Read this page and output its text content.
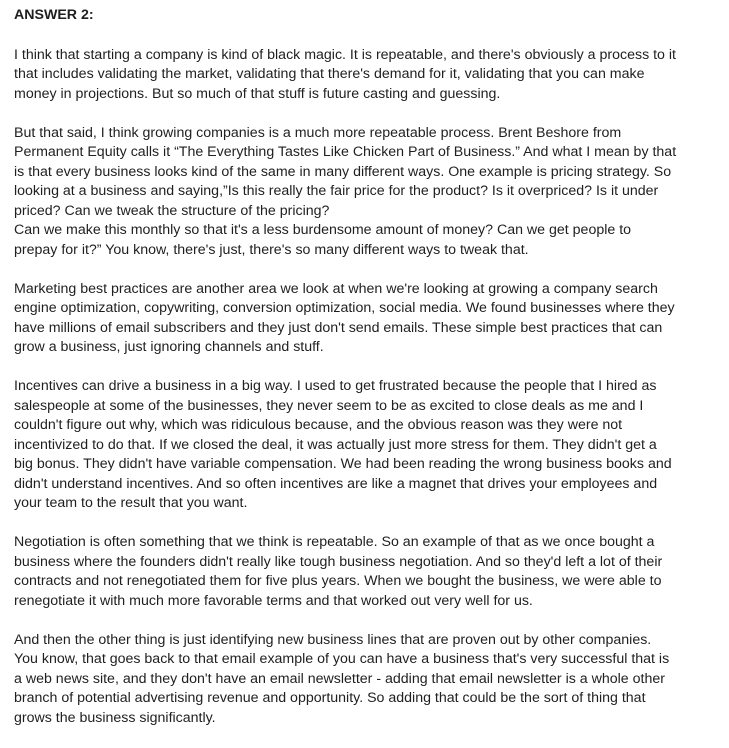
ANSWER 2:
I think that starting a company is kind of black magic. It is repeatable, and there's obviously a process to it
that includes validating the market, validating that there's demand for it, validating that you can make
money in projections. But so much of that stuff is future casting and guessing.
But that said, I think growing companies is a much more repeatable process. Brent Beshore from
Permanent Equity calls it “The Everything Tastes Like Chicken Part of Business.” And what I mean by that
is that every business looks kind of the same in many different ways. One example is pricing strategy. So
looking at a business and saying,”Is this really the fair price for the product? Is it overpriced? Is it under
priced? Can we tweak the structure of the pricing?
Can we make this monthly so that it's a less burdensome amount of money? Can we get people to
prepay for it?” You know, there's just, there's so many different ways to tweak that.
Marketing best practices are another area we look at when we're looking at growing a company search
engine optimization, copywriting, conversion optimization, social media. We found businesses where they
have millions of email subscribers and they just don't send emails. These simple best practices that can
grow a business, just ignoring channels and stuff.
Incentives can drive a business in a big way. I used to get frustrated because the people that I hired as
salespeople at some of the businesses, they never seem to be as excited to close deals as me and I
couldn't figure out why, which was ridiculous because, and the obvious reason was they were not
incentivized to do that. If we closed the deal, it was actually just more stress for them. They didn't get a
big bonus. They didn't have variable compensation. We had been reading the wrong business books and
didn't understand incentives. And so often incentives are like a magnet that drives your employees and
your team to the result that you want.
Negotiation is often something that we think is repeatable. So an example of that as we once bought a
business where the founders didn't really like tough business negotiation. And so they'd left a lot of their
contracts and not renegotiated them for five plus years. When we bought the business, we were able to
renegotiate it with much more favorable terms and that worked out very well for us.
And then the other thing is just identifying new business lines that are proven out by other companies.
You know, that goes back to that email example of you can have a business that's very successful that is
a web news site, and they don't have an email newsletter - adding that email newsletter is a whole other
branch of potential advertising revenue and opportunity. So adding that could be the sort of thing that
grows the business significantly.
